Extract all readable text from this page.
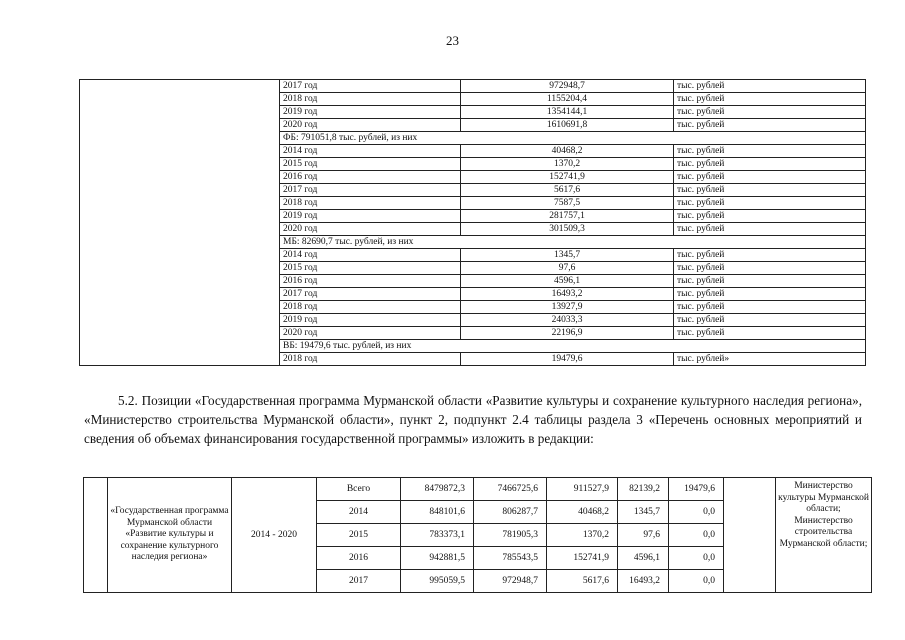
23
	2017 год	972948,7	тыс. рублей
	2018 год	1155204,4	тыс. рублей
	2019 год	1354144,1	тыс. рублей
	2020 год	1610691,8	тыс. рублей
	ФБ: 791051,8 тыс. рублей, из них		
	2014 год	40468,2	тыс. рублей
	2015 год	1370,2	тыс. рублей
	2016 год	152741,9	тыс. рублей
	2017 год	5617,6	тыс. рублей
	2018 год	7587,5	тыс. рублей
	2019 год	281757,1	тыс. рублей
	2020 год	301509,3	тыс. рублей
	МБ: 82690,7 тыс. рублей, из них		
	2014 год	1345,7	тыс. рублей
	2015 год	97,6	тыс. рублей
	2016 год	4596,1	тыс. рублей
	2017 год	16493,2	тыс. рублей
	2018 год	13927,9	тыс. рублей
	2019 год	24033,3	тыс. рублей
	2020 год	22196,9	тыс. рублей
	ВБ: 19479,6 тыс. рублей, из них		
	2018 год	19479,6	тыс. рублей»

5.2. Позиции «Государственная программа Мурманской области «Развитие культуры и сохранение культурного наследия региона», «Министерство строительства Мурманской области», пункт 2, подпункт 2.4 таблицы раздела 3 «Перечень основных мероприятий и сведения об объемах финансирования государственной программы» изложить в редакции:

	«Государственная программа Мурманской области «Развитие культуры и сохранение культурного наследия региона»	2014 - 2020	Всего	8479872,3	7466725,6	911527,9	82139,2	19479,6		Министерство культуры Мурманской области; Министерство строительства Мурманской области;
			2014	848101,6	806287,7	40468,2	1345,7	0,0		
			2015	783373,1	781905,3	1370,2	97,6	0,0		
			2016	942881,5	785543,5	152741,9	4596,1	0,0		
			2017	995059,5	972948,7	5617,6	16493,2	0,0		
